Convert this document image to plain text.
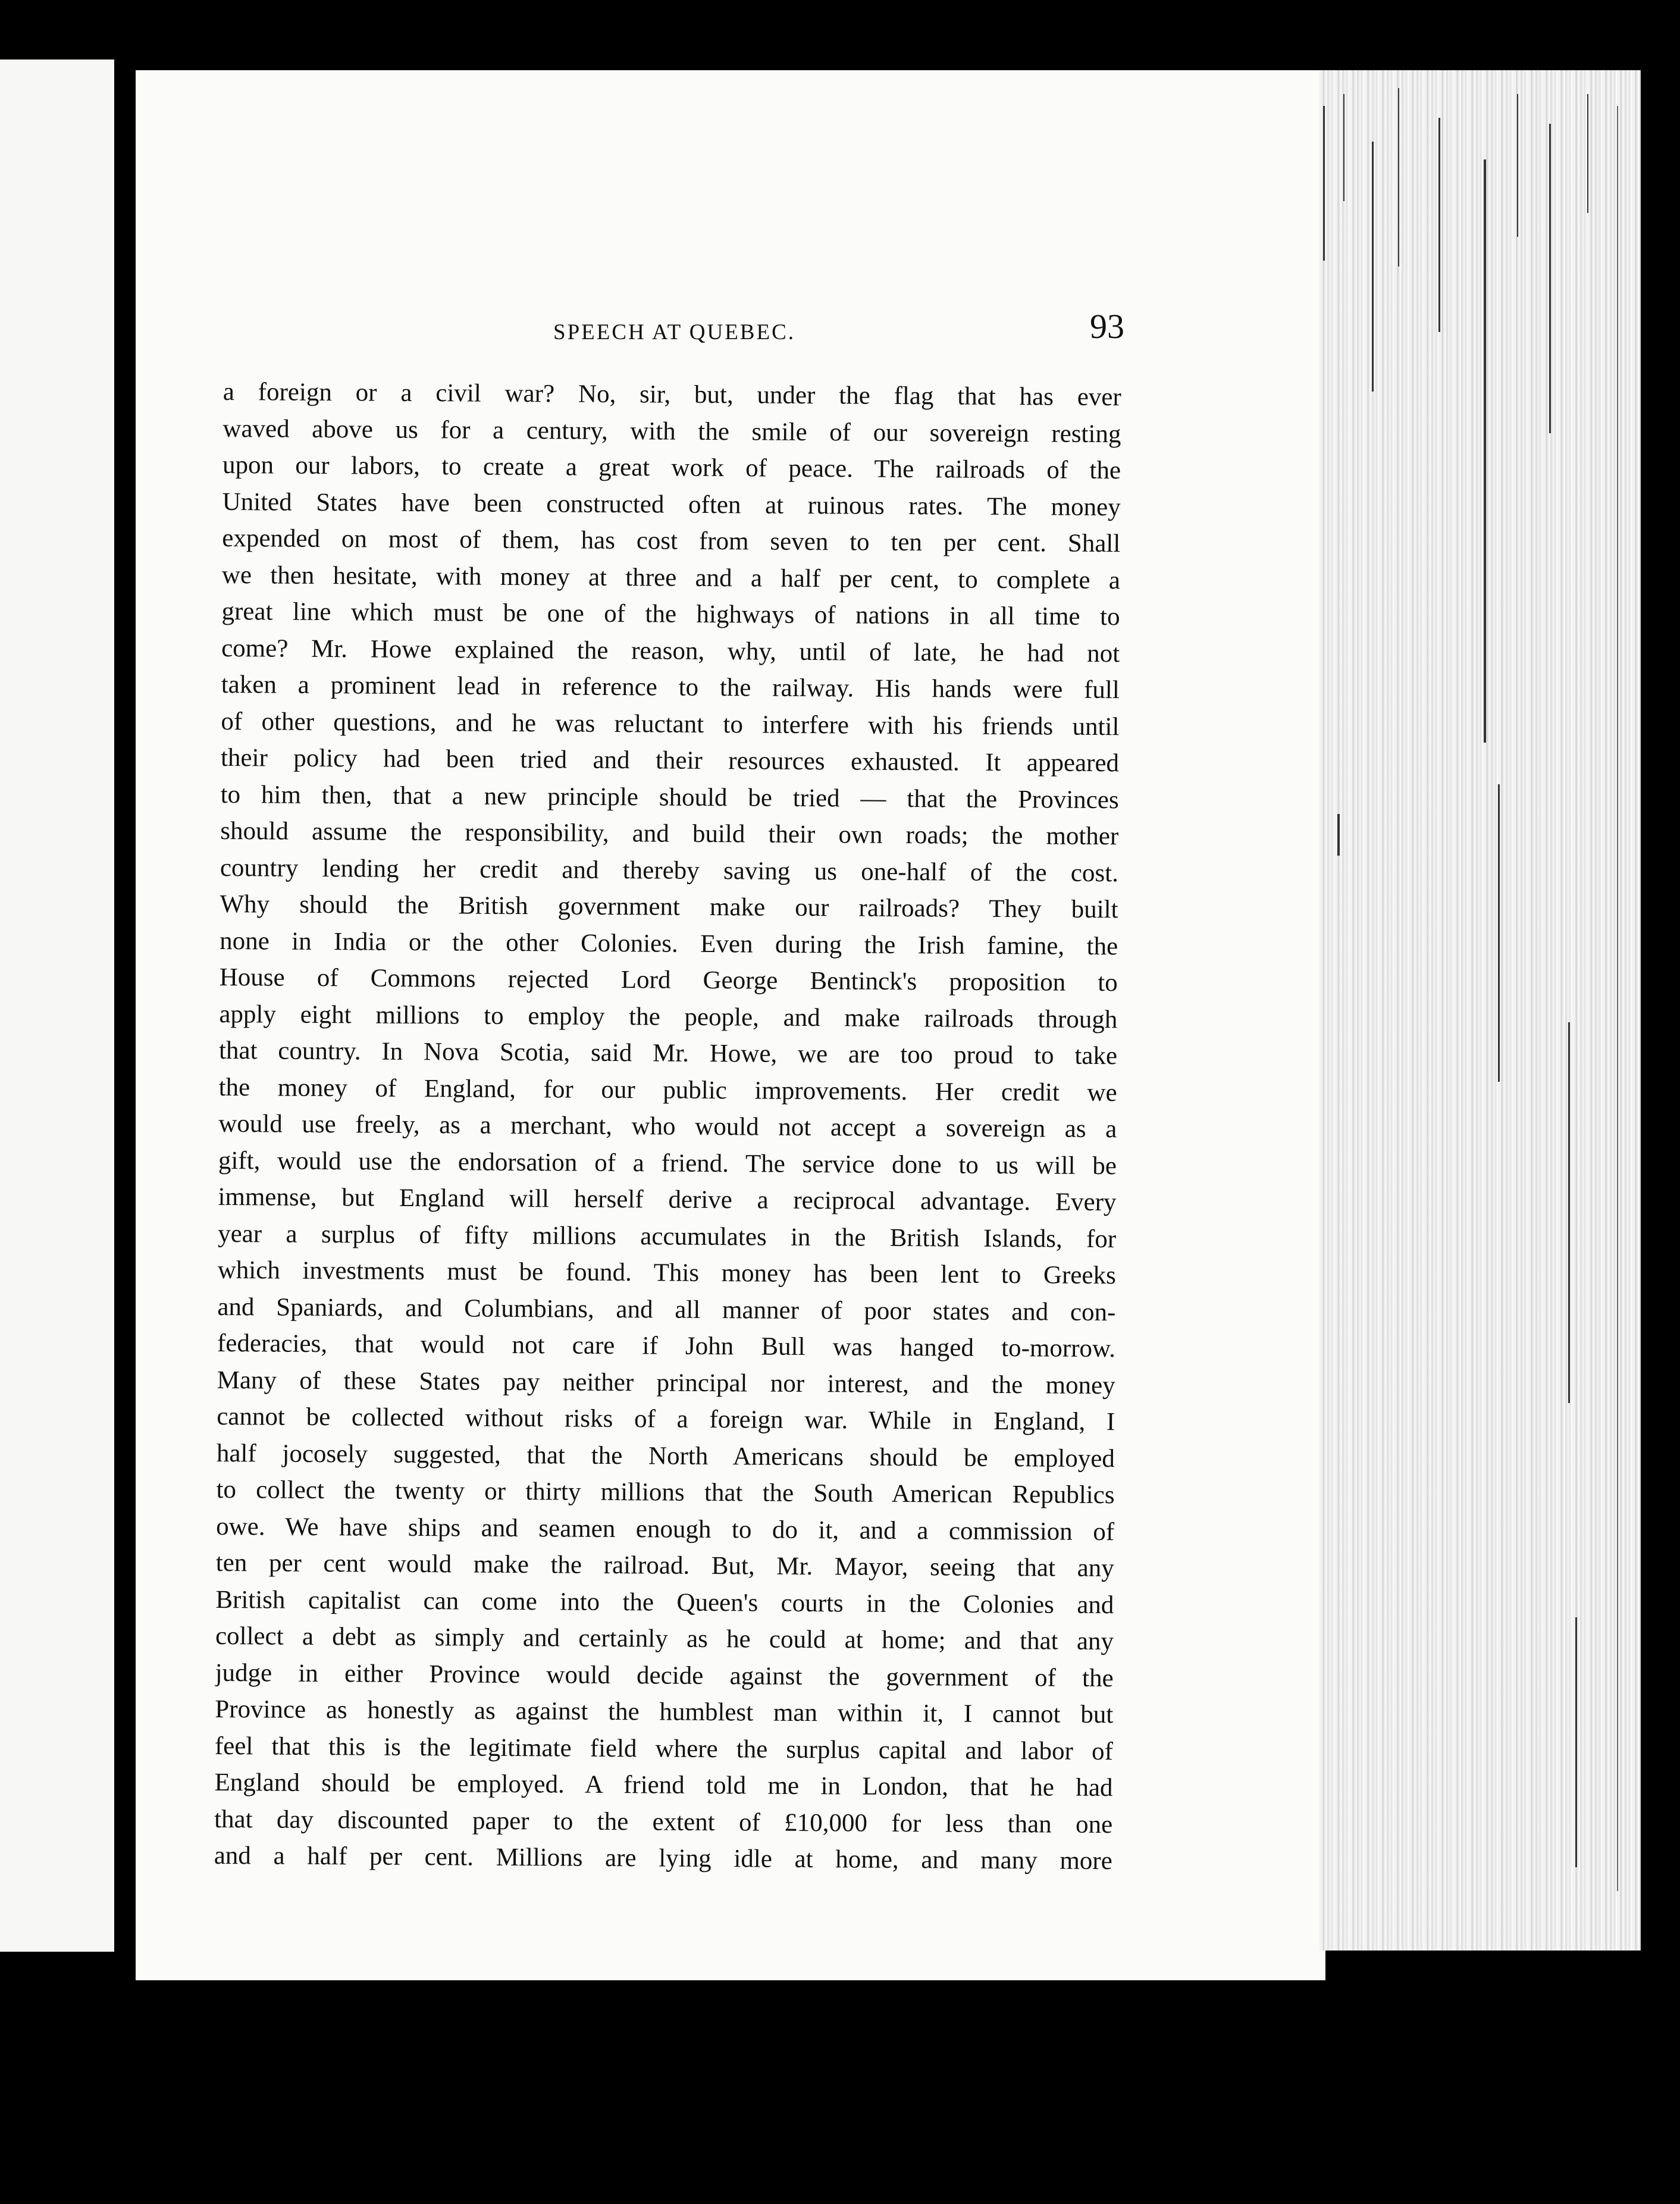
SPEECH AT QUEBEC.	93
a foreign or a civil war? No, sir, but, under the flag that has ever
waved above us for a century, with the smile of our sovereign resting
upon our labors, to create a great work of peace. The railroads of the
United States have been constructed often at ruinous rates. The money
expended on most of them, has cost from seven to ten per cent. Shall
we then hesitate, with money at three and a half per cent, to complete a
great line which must be one of the highways of nations in all time to
come? Mr. Howe explained the reason, why, until of late, he had not
taken a prominent lead in reference to the railway. His hands were full
of other questions, and he was reluctant to interfere with his friends until
their policy had been tried and their resources exhausted. It appeared
to him then, that a new principle should be tried — that the Provinces
should assume the responsibility, and build their own roads; the mother
country lending her credit and thereby saving us one-half of the cost.
Why should the British government make our railroads? They built
none in India or the other Colonies. Even during the Irish famine, the
House of Commons rejected Lord George Bentinck's proposition to
apply eight millions to employ the people, and make railroads through
that country. In Nova Scotia, said Mr. Howe, we are too proud to take
the money of England, for our public improvements. Her credit we
would use freely, as a merchant, who would not accept a sovereign as a
gift, would use the endorsation of a friend. The service done to us will be
immense, but England will herself derive a reciprocal advantage. Every
year a surplus of fifty millions accumulates in the British Islands, for
which investments must be found. This money has been lent to Greeks
and Spaniards, and Columbians, and all manner of poor states and con-
federacies, that would not care if John Bull was hanged to-morrow.
Many of these States pay neither principal nor interest, and the money
cannot be collected without risks of a foreign war. While in England, I
half jocosely suggested, that the North Americans should be employed
to collect the twenty or thirty millions that the South American Republics
owe. We have ships and seamen enough to do it, and a commission of
ten per cent would make the railroad. But, Mr. Mayor, seeing that any
British capitalist can come into the Queen's courts in the Colonies and
collect a debt as simply and certainly as he could at home; and that any
judge in either Province would decide against the government of the
Province as honestly as against the humblest man within it, I cannot but
feel that this is the legitimate field where the surplus capital and labor of
England should be employed. A friend told me in London, that he had
that day discounted paper to the extent of £10,000 for less than one
and a half per cent. Millions are lying idle at home, and many more
